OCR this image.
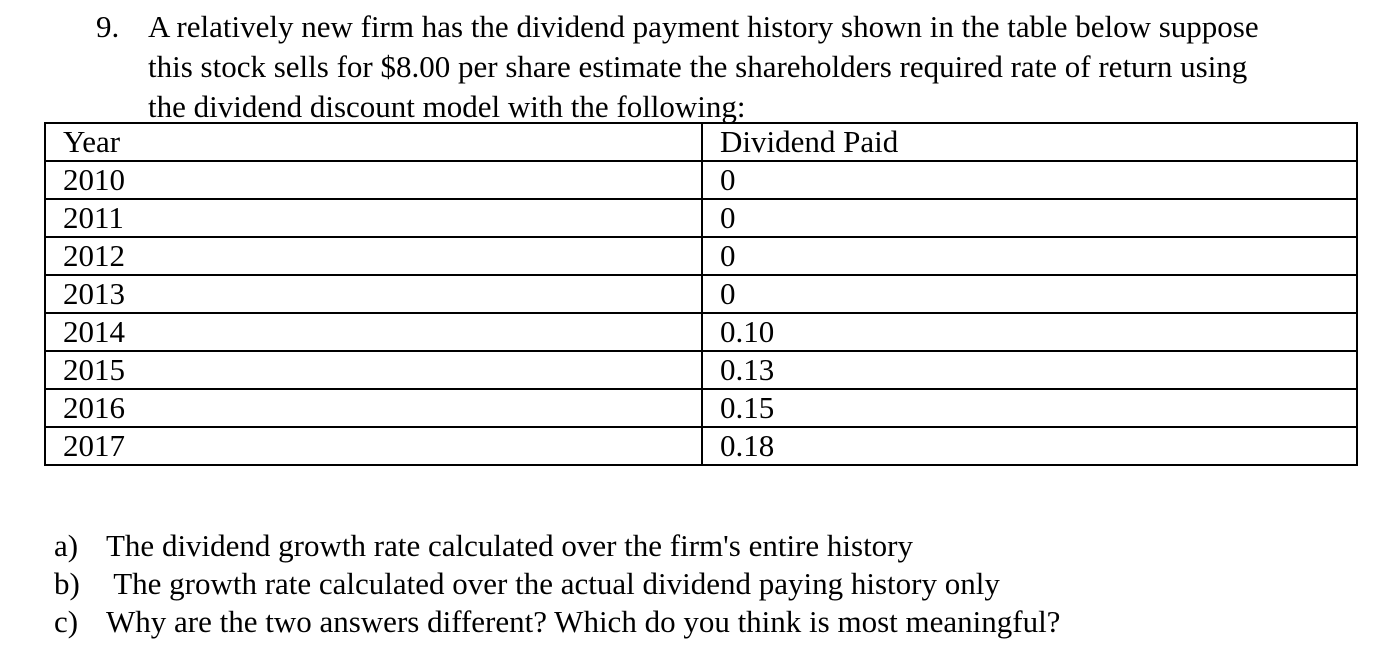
9. A relatively new firm has the dividend payment history shown in the table below suppose
this stock sells for $8.00 per share estimate the shareholders required rate of return using
the dividend discount model with the following:
Year	Dividend Paid
2010	0
2011	0
2012	0
2013	0
2014	0.10
2015	0.13
2016	0.15
2017	0.18
a) The dividend growth rate calculated over the firm's entire history
b) The growth rate calculated over the actual dividend paying history only
c) Why are the two answers different? Which do you think is most meaningful?
